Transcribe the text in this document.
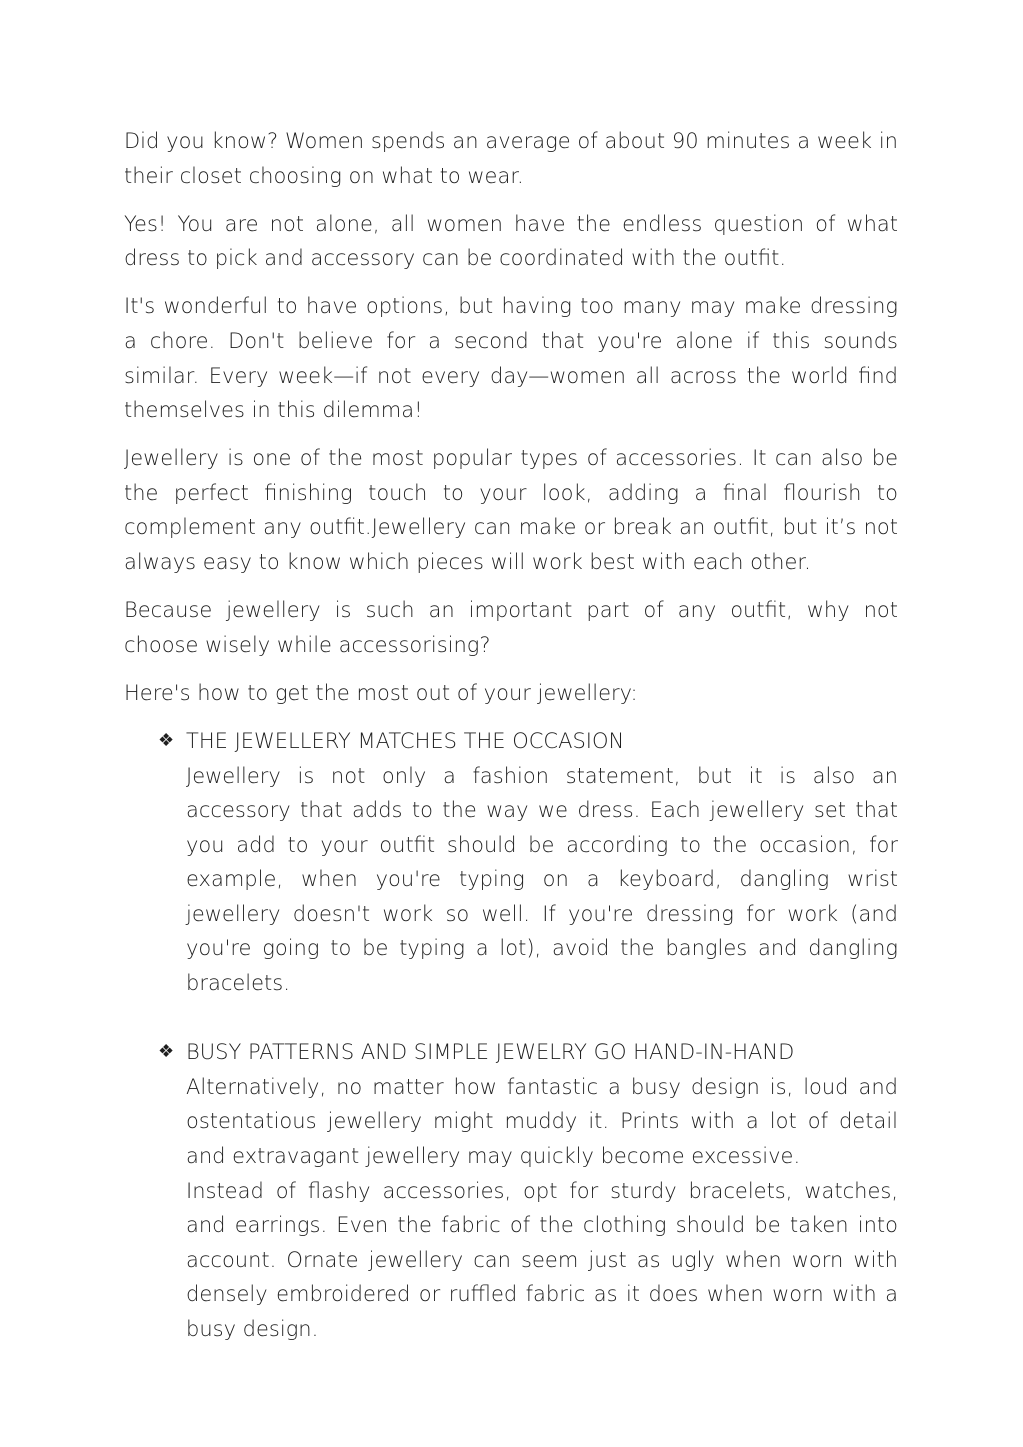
Did you know? Women spends an average of about 90 minutes a week in their closet choosing on what to wear.

Yes! You are not alone, all women have the endless question of what dress to pick and accessory can be coordinated with the outfit.

It's wonderful to have options, but having too many may make dressing a chore. Don't believe for a second that you're alone if this sounds similar. Every week—if not every day—women all across the world find themselves in this dilemma!

Jewellery is one of the most popular types of accessories. It can also be the perfect finishing touch to your look, adding a final flourish to complement any outfit.Jewellery can make or break an outfit, but it’s not always easy to know which pieces will work best with each other.

Because jewellery is such an important part of any outfit, why not choose wisely while accessorising?

Here's how to get the most out of your jewellery:

❖ THE JEWELLERY MATCHES THE OCCASION

Jewellery is not only a fashion statement, but it is also an accessory that adds to the way we dress. Each jewellery set that you add to your outfit should be according to the occasion, for example, when you're typing on a keyboard, dangling wrist jewellery doesn't work so well. If you're dressing for work (and you're going to be typing a lot), avoid the bangles and dangling bracelets.

❖ BUSY PATTERNS AND SIMPLE JEWELRY GO HAND-IN-HAND

Alternatively, no matter how fantastic a busy design is, loud and ostentatious jewellery might muddy it. Prints with a lot of detail and extravagant jewellery may quickly become excessive.

Instead of flashy accessories, opt for sturdy bracelets, watches, and earrings. Even the fabric of the clothing should be taken into account. Ornate jewellery can seem just as ugly when worn with densely embroidered or ruffled fabric as it does when worn with a busy design.
